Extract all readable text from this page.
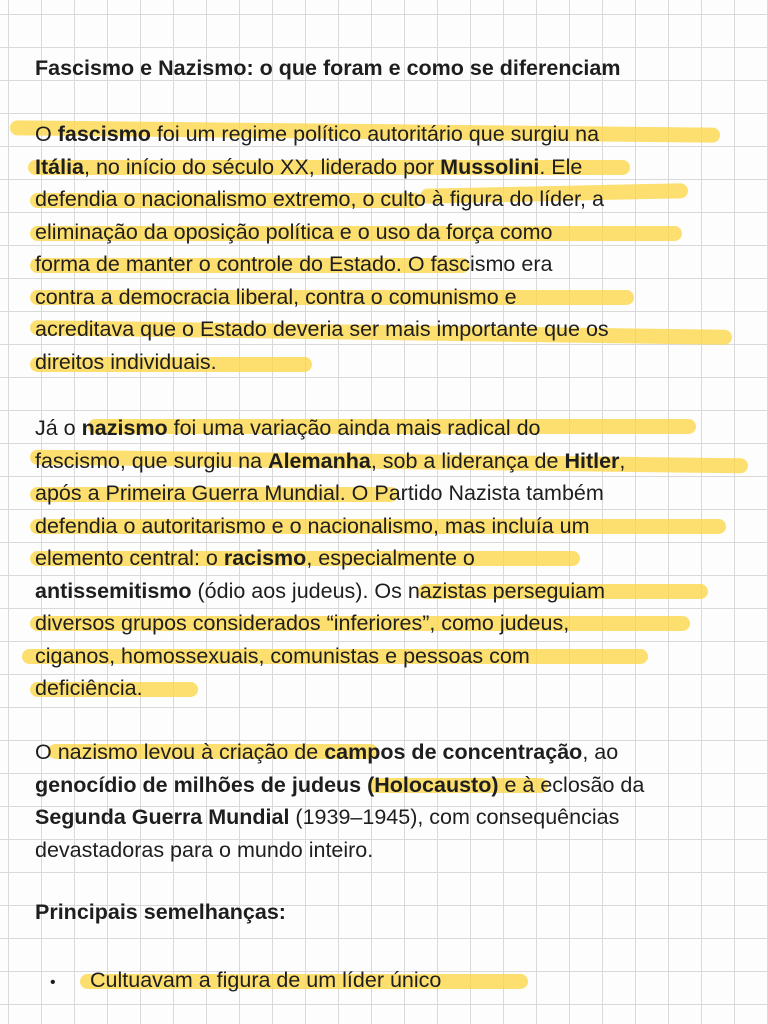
Fascismo e Nazismo: o que foram e como se diferenciam
O fascismo foi um regime político autoritário que surgiu na
Itália, no início do século XX, liderado por Mussolini. Ele
defendia o nacionalismo extremo, o culto à figura do líder, a
eliminação da oposição política e o uso da força como
forma de manter o controle do Estado. O fascismo era
contra a democracia liberal, contra o comunismo e
acreditava que o Estado deveria ser mais importante que os
direitos individuais.
Já o nazismo foi uma variação ainda mais radical do
fascismo, que surgiu na Alemanha, sob a liderança de Hitler,
após a Primeira Guerra Mundial. O Partido Nazista também
defendia o autoritarismo e o nacionalismo, mas incluía um
elemento central: o racismo, especialmente o
antissemitismo (ódio aos judeus). Os nazistas perseguiam
diversos grupos considerados “inferiores”, como judeus,
ciganos, homossexuais, comunistas e pessoas com
deficiência.
O nazismo levou à criação de campos de concentração, ao
genocídio de milhões de judeus (Holocausto) e à eclosão da
Segunda Guerra Mundial (1939–1945), com consequências
devastadoras para o mundo inteiro.
Principais semelhanças:
•	Cultuavam a figura de um líder único
